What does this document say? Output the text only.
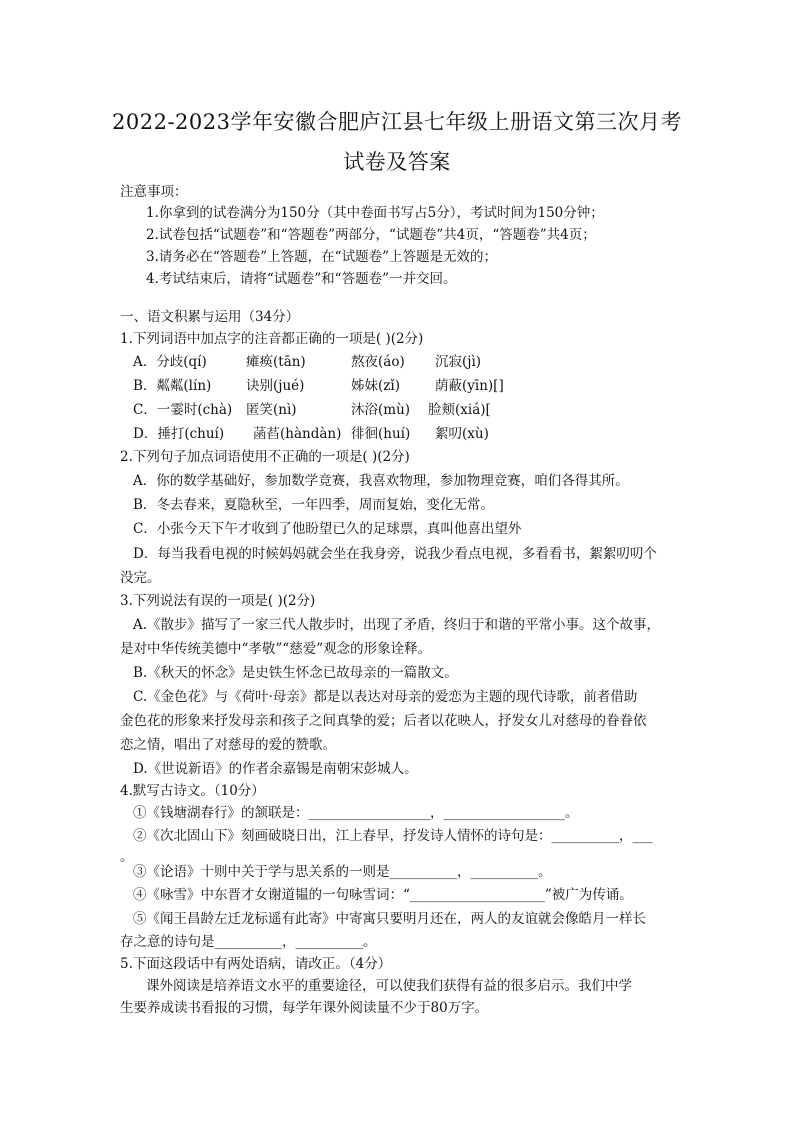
2022-2023学年安徽合肥庐江县七年级上册语文第三次月考
试卷及答案
注意事项：
1.你拿到的试卷满分为150分（其中卷面书写占5分），考试时间为150分钟；
2.试卷包括“试题卷”和“答题卷”两部分，“试题卷”共4页，“答题卷”共4页；
3.请务必在“答题卷”上答题，在“试题卷”上答题是无效的；
4.考试结束后，请将“试题卷”和“答题卷”一并交回。
一、语文积累与运用（34分）
1.下列词语中加点字的注音都正确的一项是( )(2分)
A．分歧(qí)	瘫痪(tān)	熬夜(áo) 沉寂(jì)
B．粼粼(lín)	诀别(jué)	姊妹(zǐ)	荫蔽(yīn)[]
C．一霎时(chà) 匿笑(nì)	沐浴(mù) 脸颊(xiá)[
D．捶打(chuí) 菡萏(hàndàn) 徘徊(huí) 絮叨(xù)
2.下列句子加点词语使用不正确的一项是( )(2分)
A．你的数学基础好，参加数学竞赛，我喜欢物理，参加物理竞赛，咱们各得其所。
B．冬去春来，夏隐秋至，一年四季，周而复始，变化无常。
C．小张今天下午才收到了他盼望已久的足球票，真叫他喜出望外
D．每当我看电视的时候妈妈就会坐在我身旁，说我少看点电视，多看看书，絮絮叨叨个
没完。
3.下列说法有误的一项是( )(2分)
A.《散步》描写了一家三代人散步时，出现了矛盾，终归于和谐的平常小事。这个故事，
是对中华传统美德中“孝敬”“慈爱”观念的形象诠释。
B.《秋天的怀念》是史铁生怀念已故母亲的一篇散文。
C.《金色花》与《荷叶·母亲》都是以表达对母亲的爱恋为主题的现代诗歌，前者借助
金色花的形象来抒发母亲和孩子之间真挚的爱；后者以花映人，抒发女儿对慈母的眷眷依
恋之情，唱出了对慈母的爱的赞歌。
D.《世说新语》的作者余嘉锡是南朝宋彭城人。
4.默写古诗文。（10分）
①《钱塘湖春行》的颔联是：__________________，__________________。
②《次北固山下》刻画破晓日出，江上春早，抒发诗人情怀的诗句是：__________，___
。
③《论语》十则中关于学与思关系的一则是__________，__________。
④《咏雪》中东晋才女谢道韫的一句咏雪词：“____________________”被广为传诵。
⑤《闻王昌龄左迁龙标遥有此寄》中寄寓只要明月还在，两人的友谊就会像皓月一样长
存之意的诗句是__________，__________。
5.下面这段话中有两处语病，请改正。（4分）
课外阅读是培养语文水平的重要途径，可以使我们获得有益的很多启示。我们中学
生要养成读书看报的习惯，每学年课外阅读量不少于80万字。
